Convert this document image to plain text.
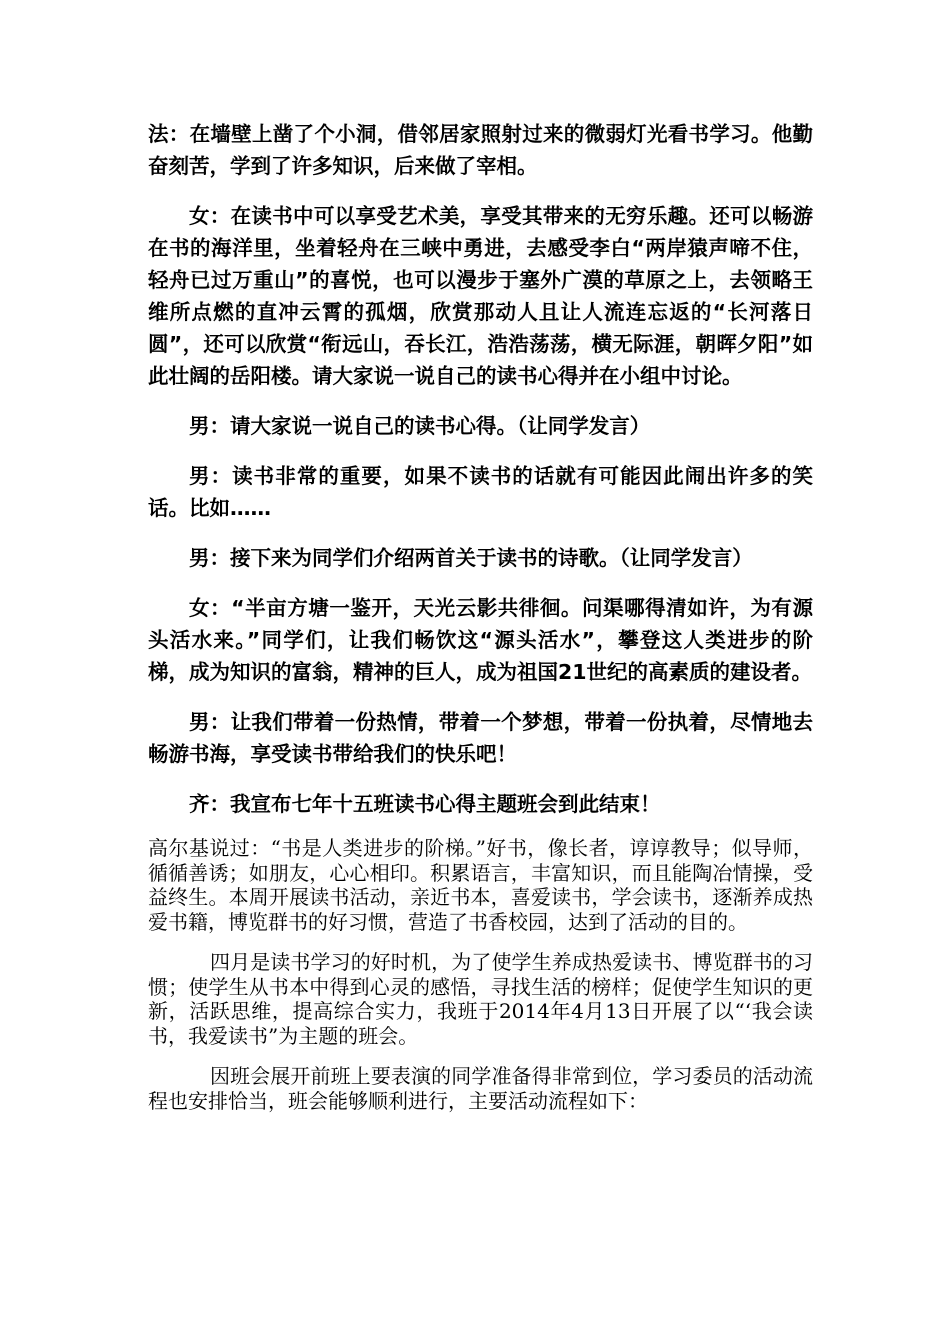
法：在墙壁上凿了个小洞，借邻居家照射过来的微弱灯光看书学习。他勤奋刻苦，学到了许多知识，后来做了宰相。

女：在读书中可以享受艺术美，享受其带来的无穷乐趣。还可以畅游在书的海洋里，坐着轻舟在三峡中勇进，去感受李白“两岸猿声啼不住，轻舟已过万重山”的喜悦，也可以漫步于塞外广漠的草原之上，去领略王维所点燃的直冲云霄的孤烟，欣赏那动人且让人流连忘返的“长河落日圆”，还可以欣赏“衔远山，吞长江，浩浩荡荡，横无际涯，朝晖夕阳”如此壮阔的岳阳楼。请大家说一说自己的读书心得并在小组中讨论。

男：请大家说一说自己的读书心得。（让同学发言）

男：读书非常的重要，如果不读书的话就有可能因此闹出许多的笑话。比如……

男：接下来为同学们介绍两首关于读书的诗歌。（让同学发言）

女：“半亩方塘一鉴开，天光云影共徘徊。问渠哪得清如许，为有源头活水来。”同学们，让我们畅饮这“源头活水”，攀登这人类进步的阶梯，成为知识的富翁，精神的巨人，成为祖国21世纪的高素质的建设者。

男：让我们带着一份热情，带着一个梦想，带着一份执着，尽情地去畅游书海，享受读书带给我们的快乐吧！

齐：我宣布七年十五班读书心得主题班会到此结束！

高尔基说过：“书是人类进步的阶梯。”好书，像长者，谆谆教导；似导师，循循善诱；如朋友，心心相印。积累语言，丰富知识，而且能陶冶情操，受益终生。本周开展读书活动，亲近书本，喜爱读书，学会读书，逐渐养成热爱书籍，博览群书的好习惯，营造了书香校园，达到了活动的目的。

四月是读书学习的好时机，为了使学生养成热爱读书、博览群书的习惯；使学生从书本中得到心灵的感悟，寻找生活的榜样；促使学生知识的更新，活跃思维，提高综合实力，我班于2014年4月13日开展了以“‘我会读书，我爱读书”为主题的班会。

因班会展开前班上要表演的同学准备得非常到位，学习委员的活动流程也安排恰当，班会能够顺利进行，主要活动流程如下：
